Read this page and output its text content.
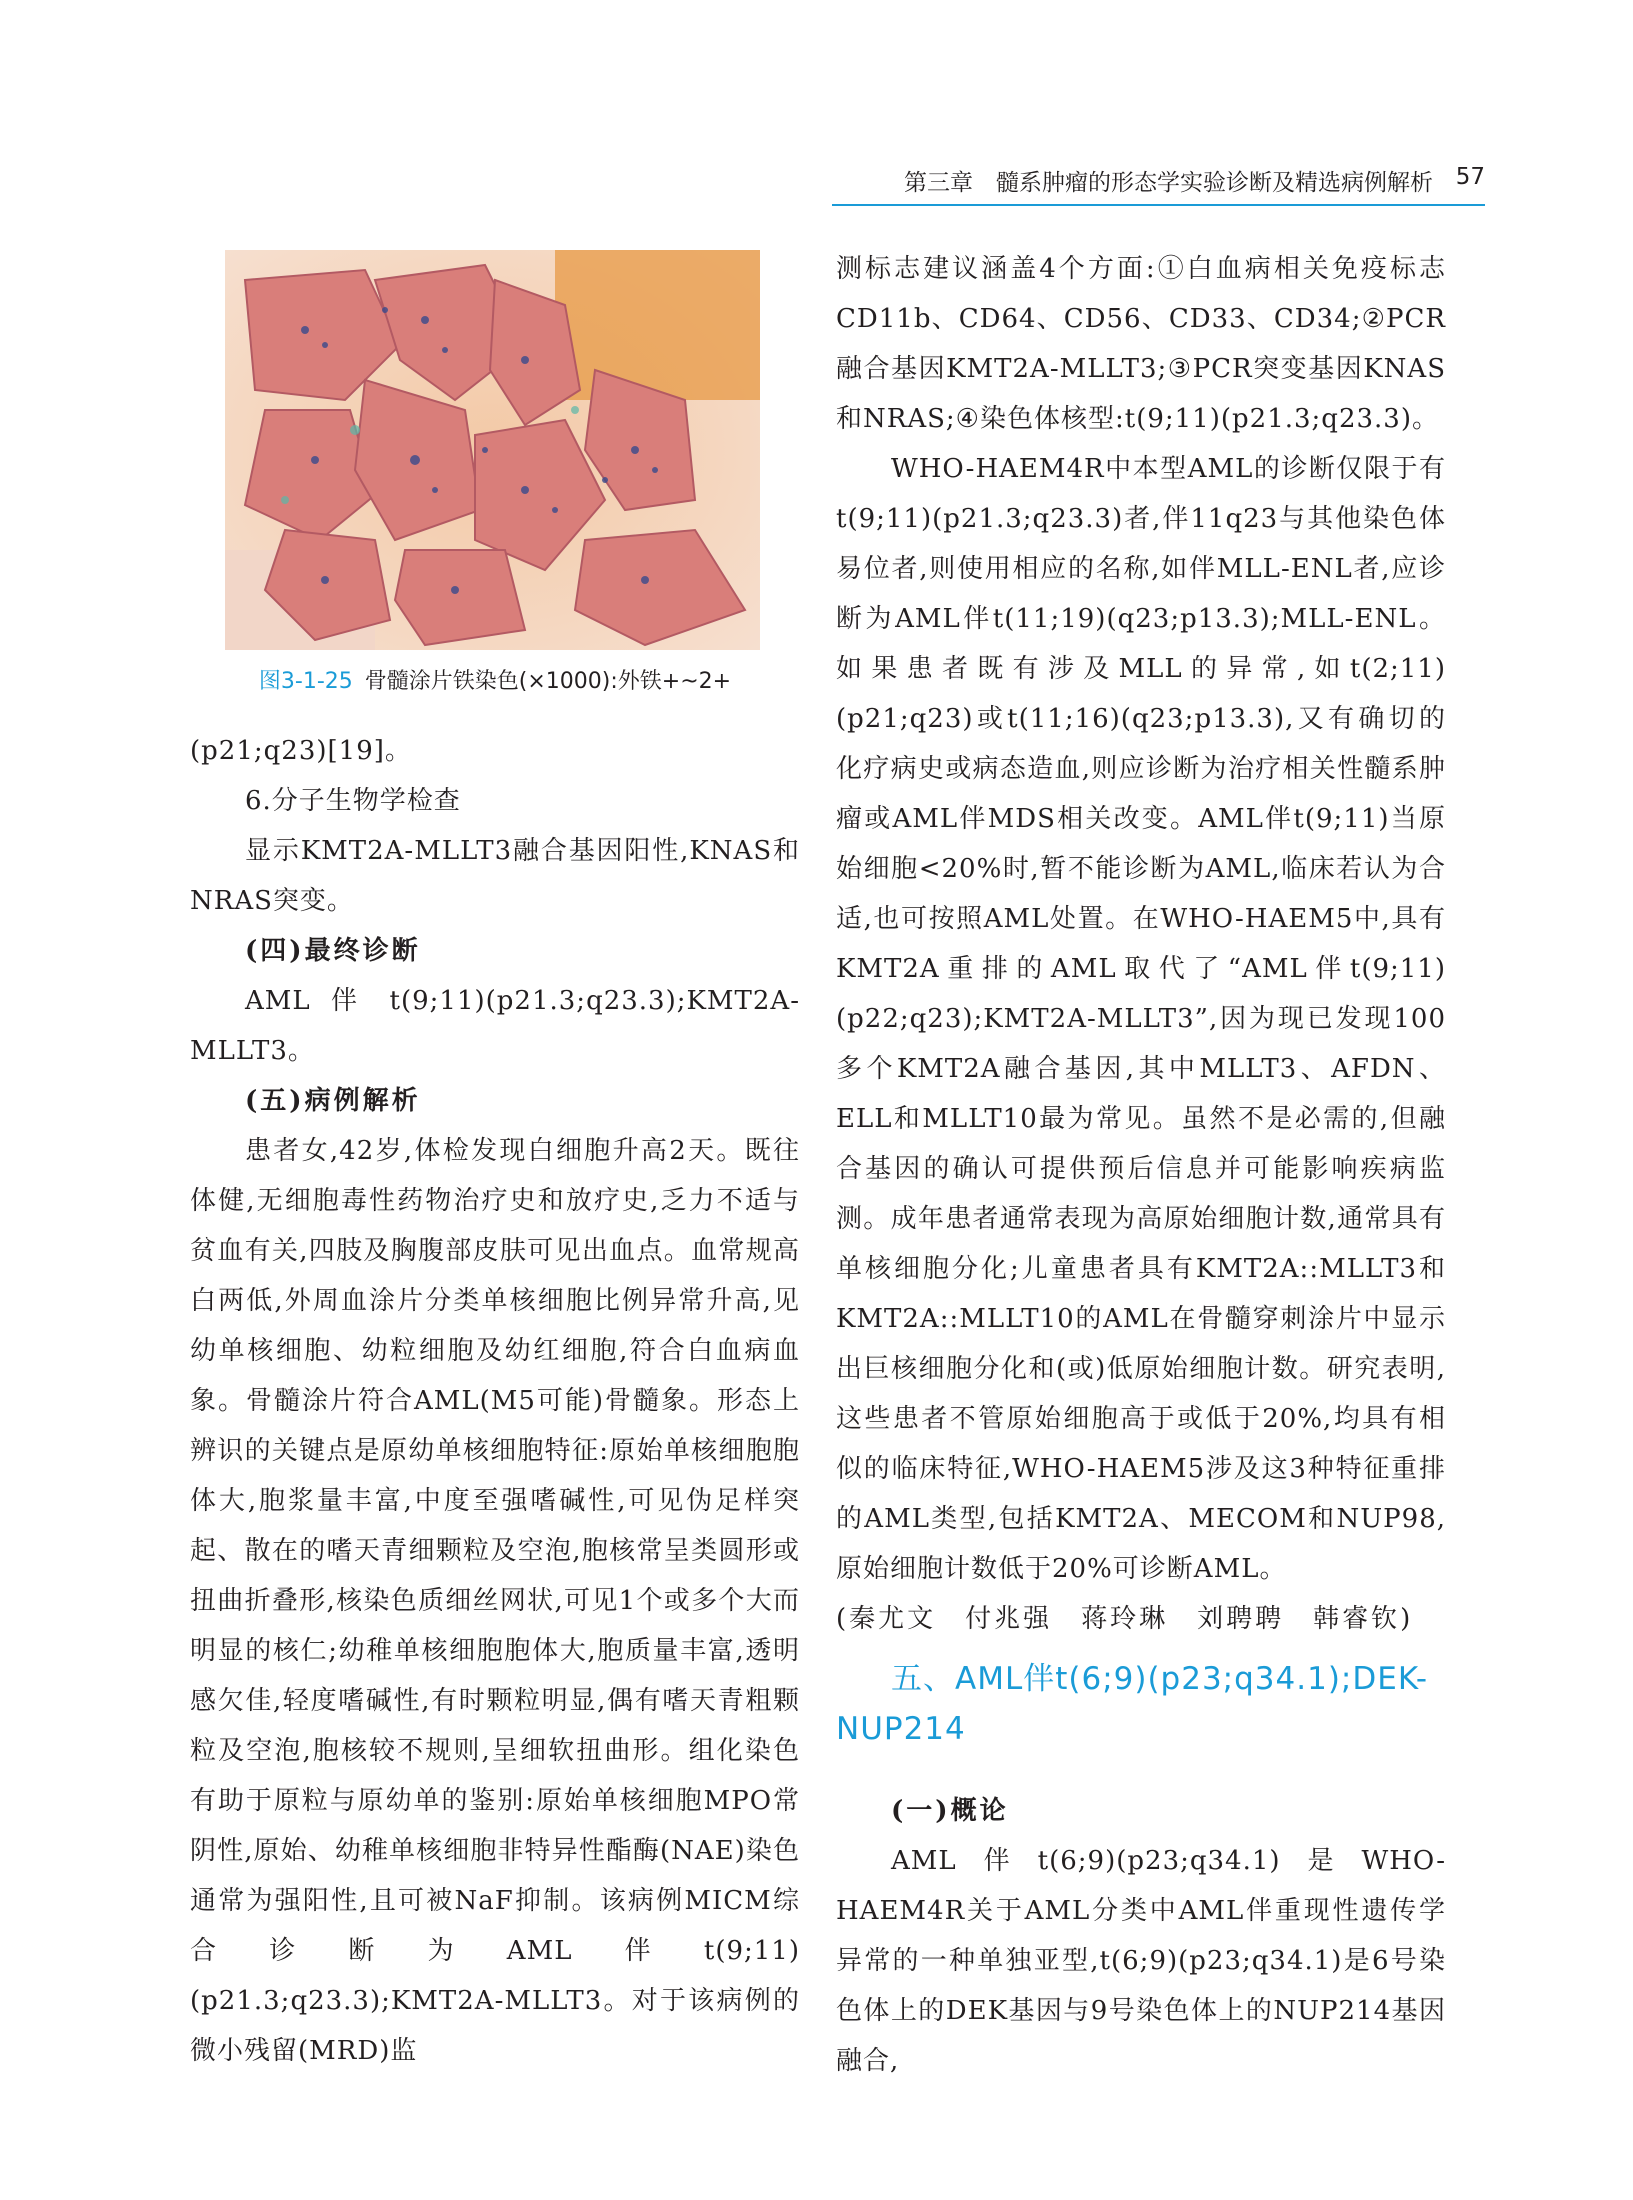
第三章　髓系肿瘤的形态学实验诊断及精选病例解析 57
图3-1-25 骨髓涂片铁染色(×1000):外铁+~2+

(p21;q23)[19]。

6.分子生物学检查

显示KMT2A-MLLT3融合基因阳性,KNAS和NRAS突变。

(四)最终诊断

AML 伴 t(9;11)(p21.3;q23.3);KMT2A-MLLT3。

(五)病例解析

患者女,42岁,体检发现白细胞升高2天。既往体健,无细胞毒性药物治疗史和放疗史,乏力不适与贫血有关,四肢及胸腹部皮肤可见出血点。血常规高白两低,外周血涂片分类单核细胞比例异常升高,见幼单核细胞、幼粒细胞及幼红细胞,符合白血病血象。骨髓涂片符合AML(M5可能)骨髓象。形态上辨识的关键点是原幼单核细胞特征:原始单核细胞胞体大,胞浆量丰富,中度至强嗜碱性,可见伪足样突起、散在的嗜天青细颗粒及空泡,胞核常呈类圆形或扭曲折叠形,核染色质细丝网状,可见1个或多个大而明显的核仁;幼稚单核细胞胞体大,胞质量丰富,透明感欠佳,轻度嗜碱性,有时颗粒明显,偶有嗜天青粗颗粒及空泡,胞核较不规则,呈细软扭曲形。组化染色有助于原粒与原幼单的鉴别:原始单核细胞MPO常阴性,原始、幼稚单核细胞非特异性酯酶(NAE)染色通常为强阳性,且可被NaF抑制。该病例MICM综合诊断为AML伴t(9;11)(p21.3;q23.3);KMT2A-MLLT3。对于该病例的微小残留(MRD)监

测标志建议涵盖4个方面:①白血病相关免疫标志CD11b、CD64、CD56、CD33、CD34;②PCR融合基因KMT2A-MLLT3;③PCR突变基因KNAS和NRAS;④染色体核型:t(9;11)(p21.3;q23.3)。

WHO-HAEM4R中本型AML的诊断仅限于有t(9;11)(p21.3;q23.3)者,伴11q23与其他染色体易位者,则使用相应的名称,如伴MLL-ENL者,应诊断为AML伴t(11;19)(q23;p13.3);MLL-ENL。如果患者既有涉及MLL的异常,如t(2;11)(p21;q23)或t(11;16)(q23;p13.3),又有确切的化疗病史或病态造血,则应诊断为治疗相关性髓系肿瘤或AML伴MDS相关改变。AML伴t(9;11)当原始细胞<20%时,暂不能诊断为AML,临床若认为合适,也可按照AML处置。在WHO-HAEM5中,具有KMT2A重排的AML取代了“AML伴t(9;11)(p22;q23);KMT2A-MLLT3”,因为现已发现100多个KMT2A融合基因,其中MLLT3、AFDN、ELL和MLLT10最为常见。虽然不是必需的,但融合基因的确认可提供预后信息并可能影响疾病监测。成年患者通常表现为高原始细胞计数,通常具有单核细胞分化;儿童患者具有KMT2A::MLLT3和KMT2A::MLLT10的AML在骨髓穿刺涂片中显示出巨核细胞分化和(或)低原始细胞计数。研究表明,这些患者不管原始细胞高于或低于20%,均具有相似的临床特征,WHO-HAEM5涉及这3种特征重排的AML类型,包括KMT2A、MECOM和NUP98,原始细胞计数低于20%可诊断AML。

(秦尤文　付兆强　蒋玲琳　刘聘聘　韩睿钦)

五、AML伴t(6;9)(p23;q34.1);DEK-NUP214
(一)概论

AML伴t(6;9)(p23;q34.1)是WHO-HAEM4R关于AML分类中AML伴重现性遗传学异常的一种单独亚型,t(6;9)(p23;q34.1)是6号染色体上的DEK基因与9号染色体上的NUP214基因融合,
